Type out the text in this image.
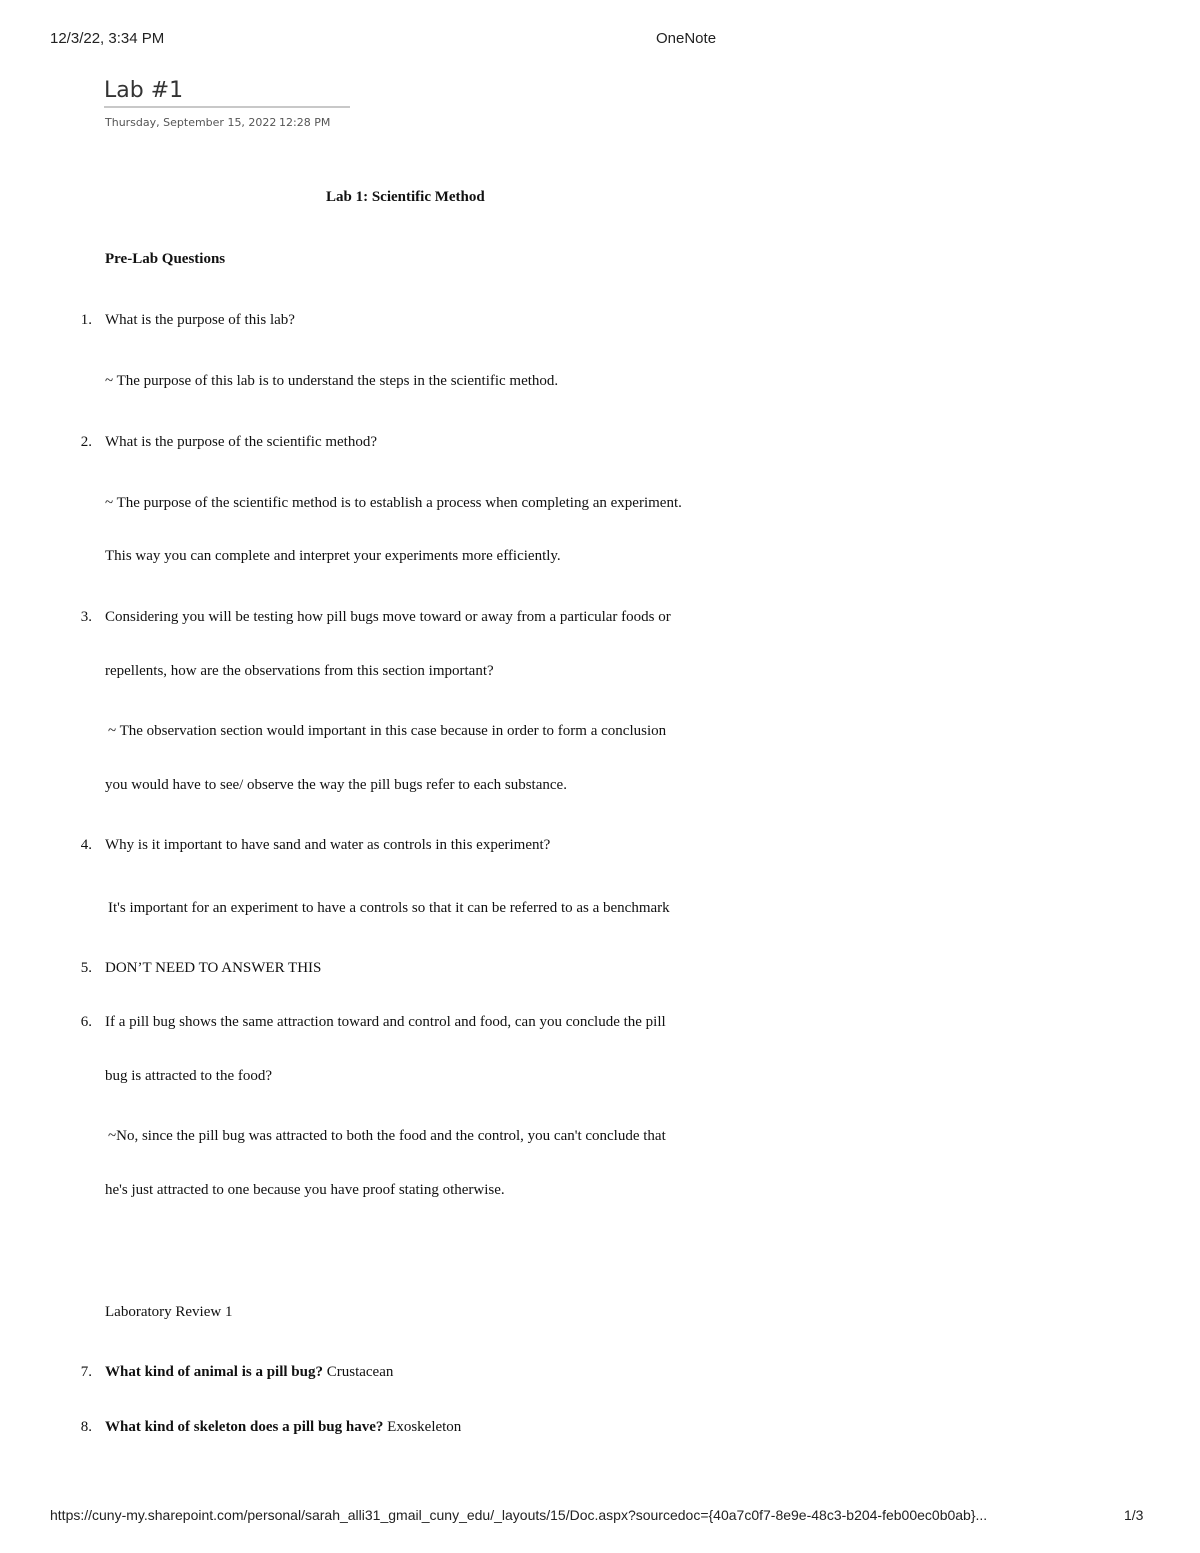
12/3/22, 3:34 PM	OneNote
Lab #1
Thursday, September 15, 2022 12:28 PM
Lab 1: Scientific Method
Pre-Lab Questions
1. What is the purpose of this lab?
~ The purpose of this lab is to understand the steps in the scientific method.
2. What is the purpose of the scientific method?
~ The purpose of the scientific method is to establish a process when completing an experiment.
This way you can complete and interpret your experiments more efficiently.
3. Considering you will be testing how pill bugs move toward or away from a particular foods or
repellents, how are the observations from this section important?
~ The observation section would important in this case because in order to form a conclusion
you would have to see/ observe the way the pill bugs refer to each substance.
4. Why is it important to have sand and water as controls in this experiment?
It's important for an experiment to have a controls so that it can be referred to as a benchmark
5. DON’T NEED TO ANSWER THIS
6. If a pill bug shows the same attraction toward and control and food, can you conclude the pill
bug is attracted to the food?
~No, since the pill bug was attracted to both the food and the control, you can't conclude that
he's just attracted to one because you have proof stating otherwise.
Laboratory Review 1
7. What kind of animal is a pill bug? Crustacean
8. What kind of skeleton does a pill bug have? Exoskeleton
https://cuny-my.sharepoint.com/personal/sarah_alli31_gmail_cuny_edu/_layouts/15/Doc.aspx?sourcedoc={40a7c0f7-8e9e-48c3-b204-feb00ec0b0ab}...	1/3
